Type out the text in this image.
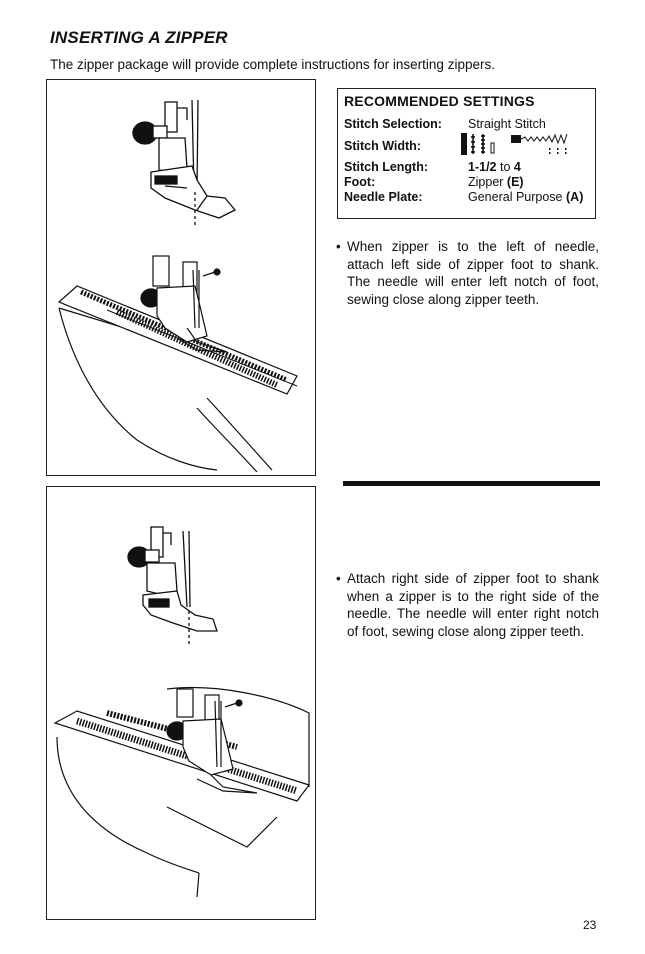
INSERTING A ZIPPER

The zipper package will provide complete instructions for inserting zippers.

RECOMMENDED SETTINGS
Stitch Selection:	Straight Stitch
Stitch Width:
Stitch Length:	1-1/2 to 4
Foot:	Zipper (E)
Needle Plate:	General Purpose (A)

• When zipper is to the left of needle, attach left side of zipper foot to shank. The needle will enter left notch of foot, sewing close along zipper teeth.

• Attach right side of zipper foot to shank when a zipper is to the right side of the needle. The needle will enter right notch of foot, sewing close along zipper teeth.

23
